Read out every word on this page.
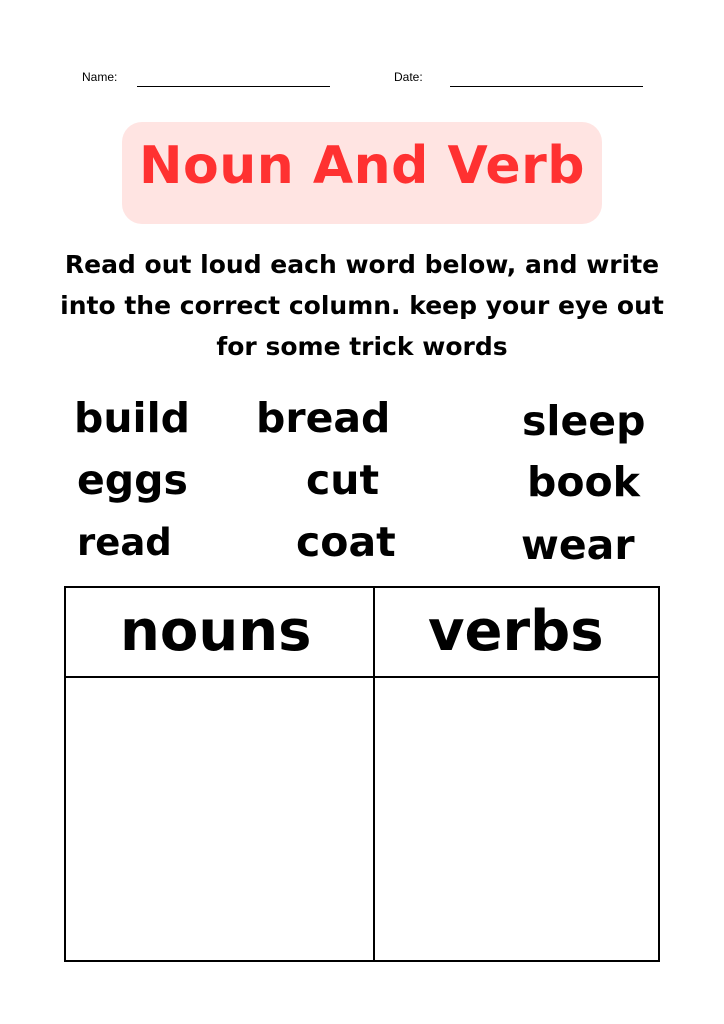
Name:	Date:
Noun And Verb
Read out loud each word below, and write into the correct column. keep your eye out for some trick words
build bread	sleep
eggs	cut	book
read	coat	wear
nouns verbs
